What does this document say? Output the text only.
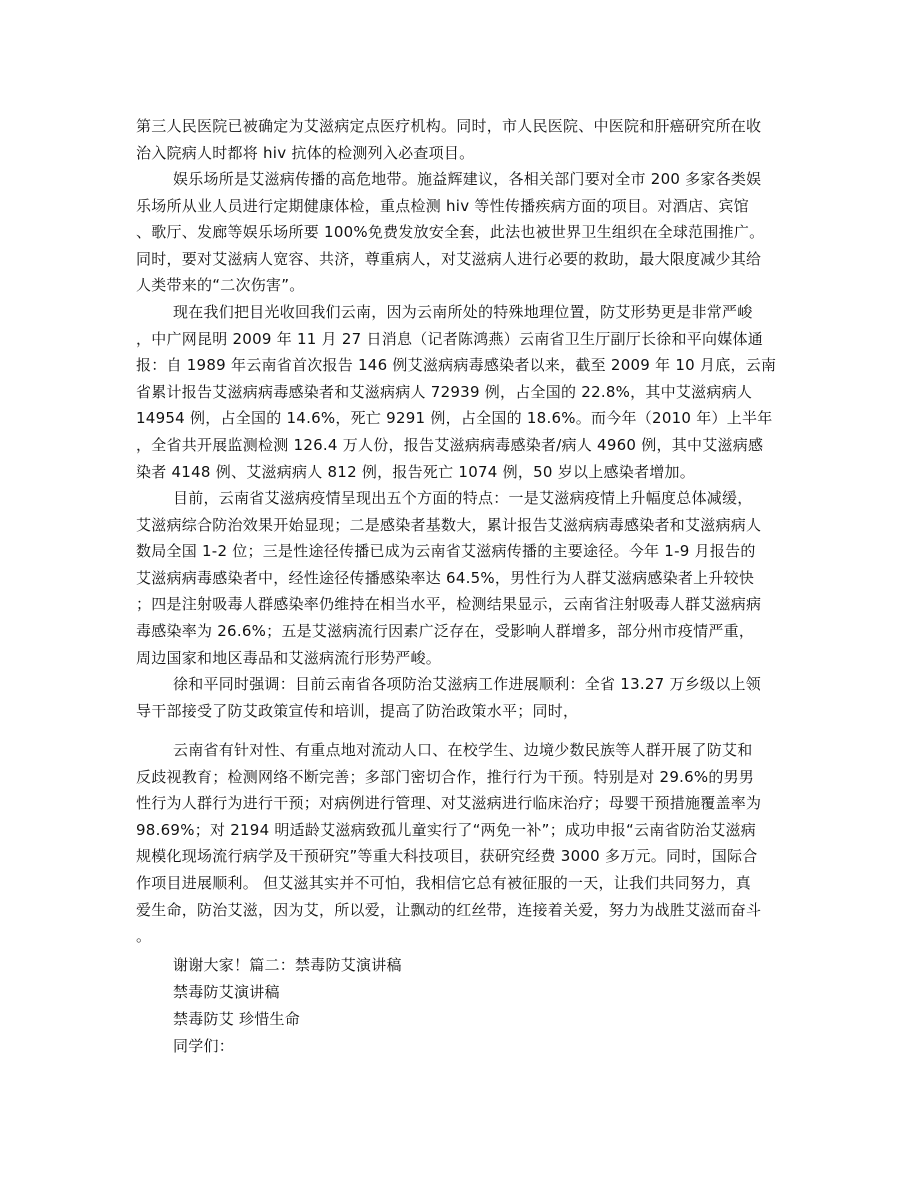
第三人民医院已被确定为艾滋病定点医疗机构。同时，市人民医院、中医院和肝癌研究所在收
治入院病人时都将 hiv 抗体的检测列入必查项目。
娱乐场所是艾滋病传播的高危地带。施益辉建议，各相关部门要对全市 200 多家各类娱
乐场所从业人员进行定期健康体检，重点检测 hiv 等性传播疾病方面的项目。对酒店、宾馆
、歌厅、发廊等娱乐场所要 100%免费发放安全套，此法也被世界卫生组织在全球范围推广。
同时，要对艾滋病人宽容、共济，尊重病人，对艾滋病人进行必要的救助，最大限度减少其给
人类带来的“二次伤害”。
现在我们把目光收回我们云南，因为云南所处的特殊地理位置，防艾形势更是非常严峻
，中广网昆明 2009 年 11 月 27 日消息（记者陈鸿燕）云南省卫生厅副厅长徐和平向媒体通
报：自 1989 年云南省首次报告 146 例艾滋病病毒感染者以来，截至 2009 年 10 月底，云南
省累计报告艾滋病病毒感染者和艾滋病病人 72939 例，占全国的 22.8%，其中艾滋病病人
14954 例，占全国的 14.6%，死亡 9291 例，占全国的 18.6%。而今年（2010 年）上半年
，全省共开展监测检测 126.4 万人份，报告艾滋病病毒感染者/病人 4960 例，其中艾滋病感
染者 4148 例、艾滋病病人 812 例，报告死亡 1074 例，50 岁以上感染者增加。
目前，云南省艾滋病疫情呈现出五个方面的特点：一是艾滋病疫情上升幅度总体减缓，
艾滋病综合防治效果开始显现；二是感染者基数大，累计报告艾滋病病毒感染者和艾滋病病人
数局全国 1-2 位；三是性途径传播已成为云南省艾滋病传播的主要途径。今年 1-9 月报告的
艾滋病病毒感染者中，经性途径传播感染率达 64.5%，男性行为人群艾滋病感染者上升较快
；四是注射吸毒人群感染率仍维持在相当水平，检测结果显示，云南省注射吸毒人群艾滋病病
毒感染率为 26.6%；五是艾滋病流行因素广泛存在，受影响人群增多，部分州市疫情严重，
周边国家和地区毒品和艾滋病流行形势严峻。
徐和平同时强调：目前云南省各项防治艾滋病工作进展顺利：全省 13.27 万乡级以上领
导干部接受了防艾政策宣传和培训，提高了防治政策水平；同时，
云南省有针对性、有重点地对流动人口、在校学生、边境少数民族等人群开展了防艾和
反歧视教育；检测网络不断完善；多部门密切合作，推行行为干预。特别是对 29.6%的男男
性行为人群行为进行干预；对病例进行管理、对艾滋病进行临床治疗；母婴干预措施覆盖率为
98.69%；对 2194 明适龄艾滋病致孤儿童实行了“两免一补”；成功申报“云南省防治艾滋病
规模化现场流行病学及干预研究”等重大科技项目，获研究经费 3000 多万元。同时，国际合
作项目进展顺利。 但艾滋其实并不可怕，我相信它总有被征服的一天，让我们共同努力，真
爱生命，防治艾滋，因为艾，所以爱，让飘动的红丝带，连接着关爱，努力为战胜艾滋而奋斗
。

谢谢大家！篇二：禁毒防艾演讲稿

禁毒防艾演讲稿

禁毒防艾 珍惜生命

同学们：
